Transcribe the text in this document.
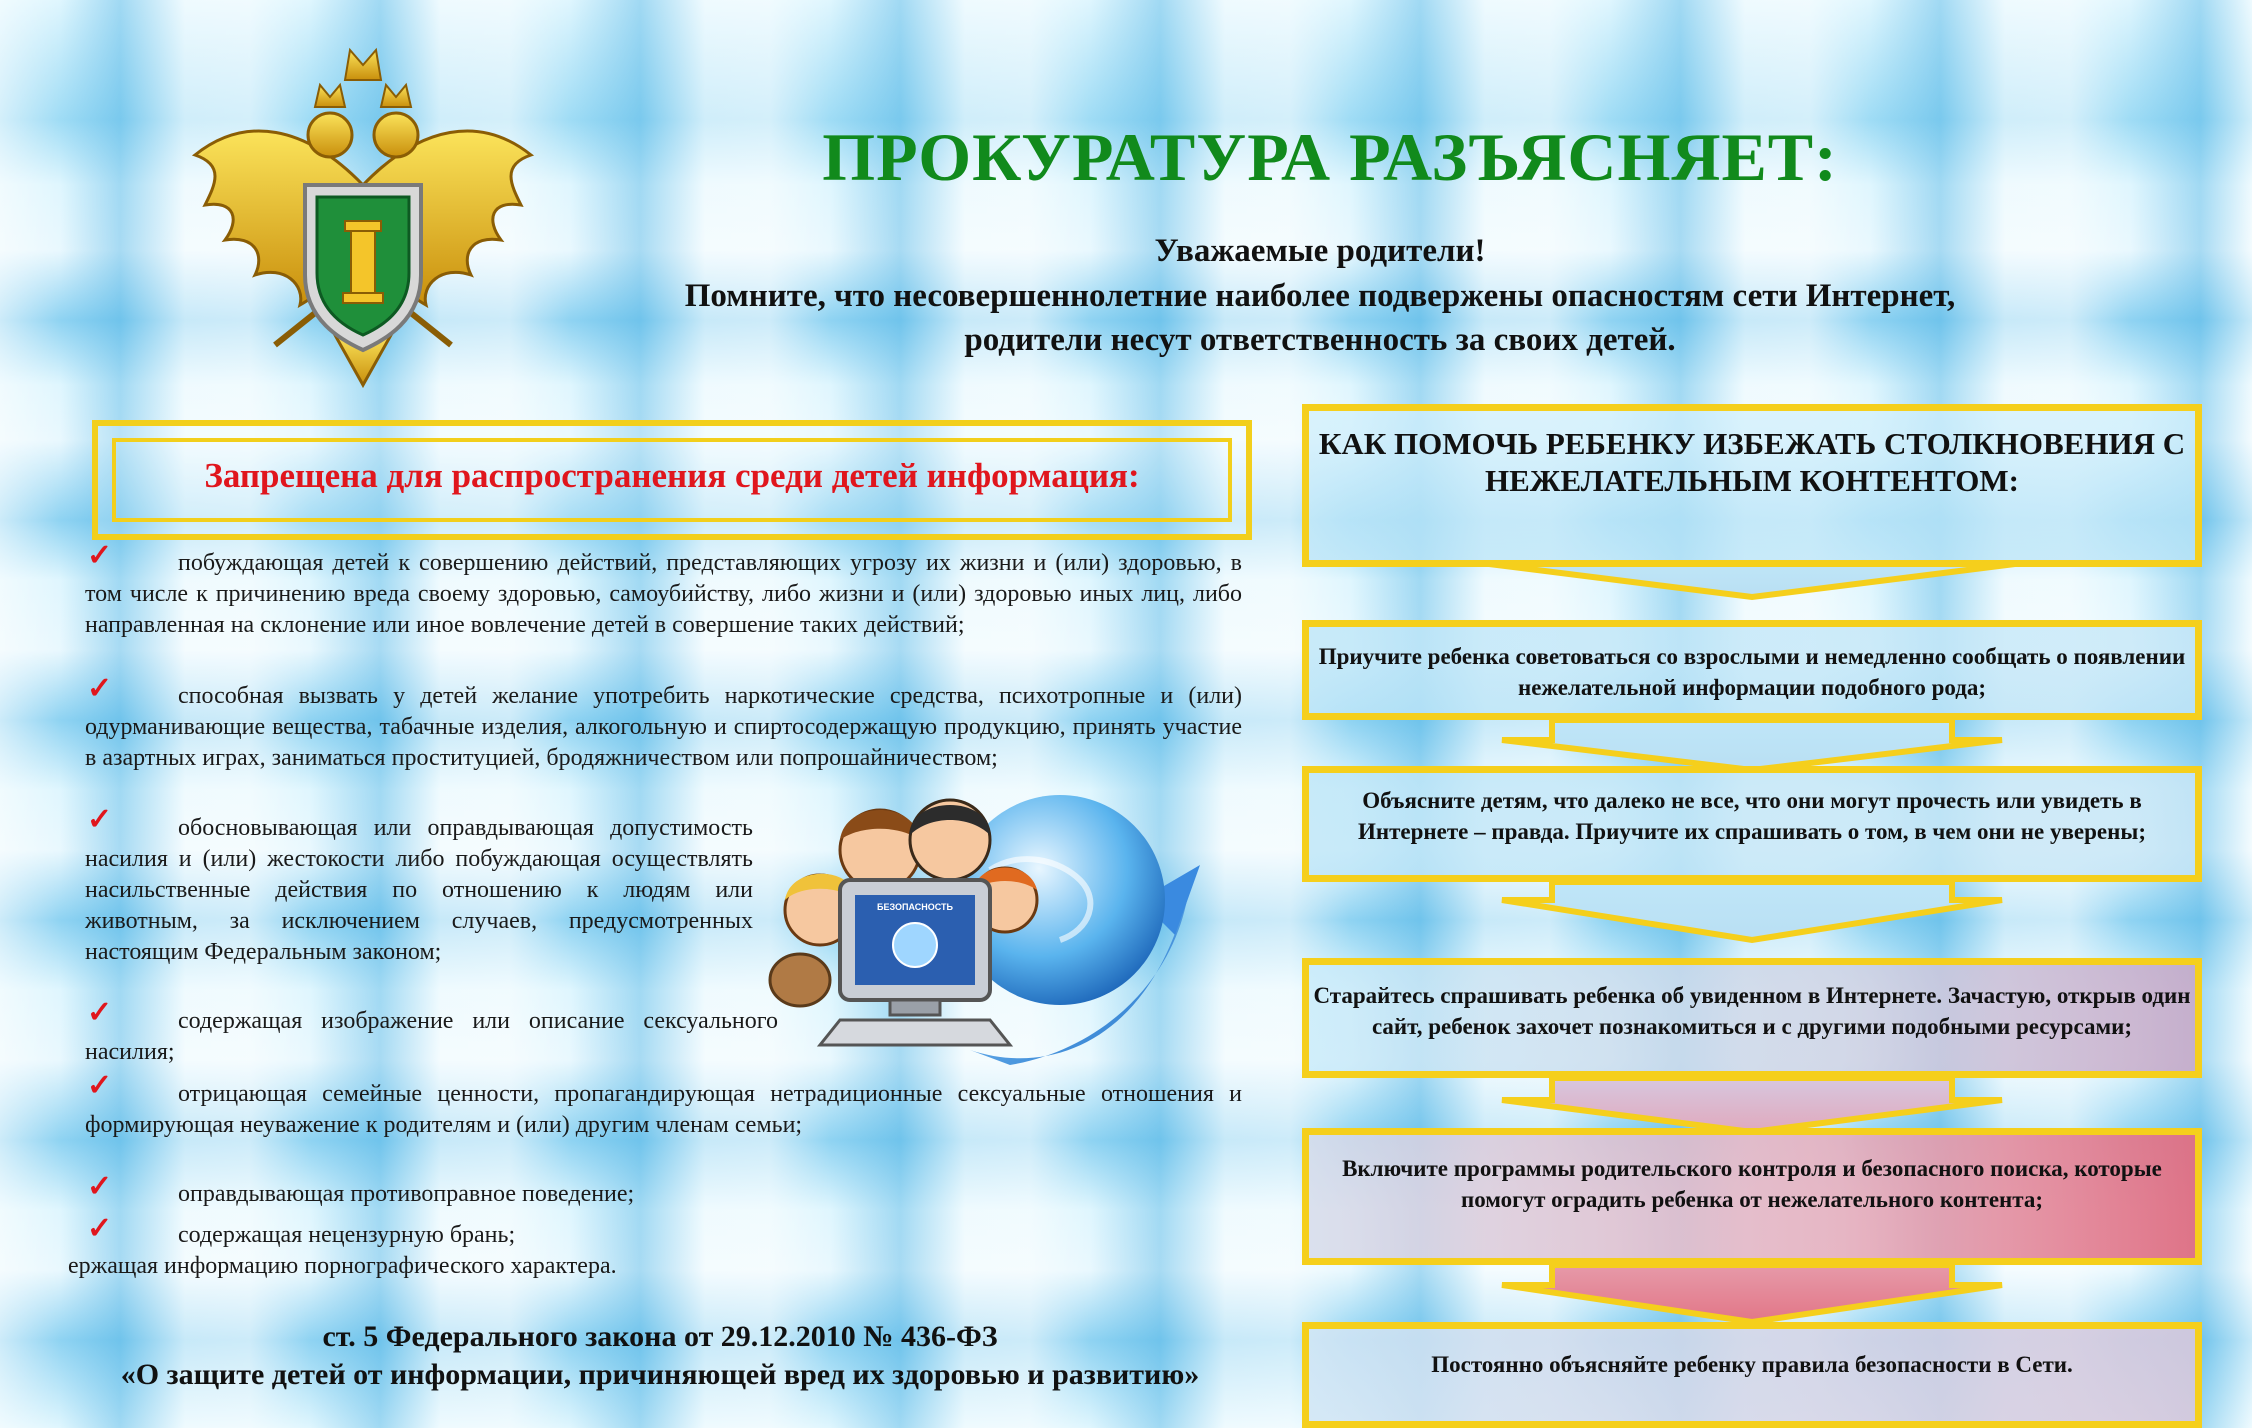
ПРОКУРАТУРА РАЗЪЯСНЯЕТ:
Уважаемые родители!
Помните, что несовершеннолетние наиболее подвержены опасностям сети Интернет,
родители несут ответственность за своих детей.
Запрещена для распространения среди детей информация:
✓
✓
✓
✓
✓
✓
✓
побуждающая детей к совершению действий, представляющих угрозу их жизни и (или) здоровью, в том числе к причинению вреда своему здоровью, самоубийству, либо жизни и (или) здоровью иных лиц, либо направленная на склонение или иное вовлечение детей в совершение таких действий;
способная вызвать у детей желание употребить наркотические средства, психотропные и (или) одурманивающие вещества, табачные изделия, алкогольную и спиртосодержащую продукцию, принять участие в азартных играх, заниматься проституцией, бродяжничеством или попрошайничеством;
обосновывающая или оправдывающая допустимость насилия и (или) жестокости либо побуждающая осуществлять насильственные действия по отношению к людям или животным, за исключением случаев, предусмотренных настоящим Федеральным законом;
содержащая изображение или описание сексуального насилия;
отрицающая семейные ценности, пропагандирующая нетрадиционные сексуальные отношения и формирующая неуважение к родителям и (или) другим членам семьи;
оправдывающая противоправное поведение;
содержащая нецензурную брань;
ержащая информацию порнографического характера.
БЕЗОПАСНОСТЬ
ст. 5 Федерального закона от 29.12.2010 № 436-ФЗ
«О защите детей от информации, причиняющей вред их здоровью и развитию»
КАК ПОМОЧЬ РЕБЕНКУ ИЗБЕЖАТЬ СТОЛКНОВЕНИЯ С НЕЖЕЛАТЕЛЬНЫМ КОНТЕНТОМ:
Приучите ребенка советоваться со взрослыми и немедленно сообщать о появлении нежелательной информации подобного рода;
Объясните детям, что далеко не все, что они могут прочесть или увидеть в Интернете – правда. Приучите их спрашивать о том, в чем они не уверены;
Старайтесь спрашивать ребенка об увиденном в Интернете. Зачастую, открыв один сайт, ребенок захочет познакомиться и с другими подобными ресурсами;
Включите программы родительского контроля и безопасного поиска, которые помогут оградить ребенка от нежелательного контента;
Постоянно объясняйте ребенку правила безопасности в Сети.
